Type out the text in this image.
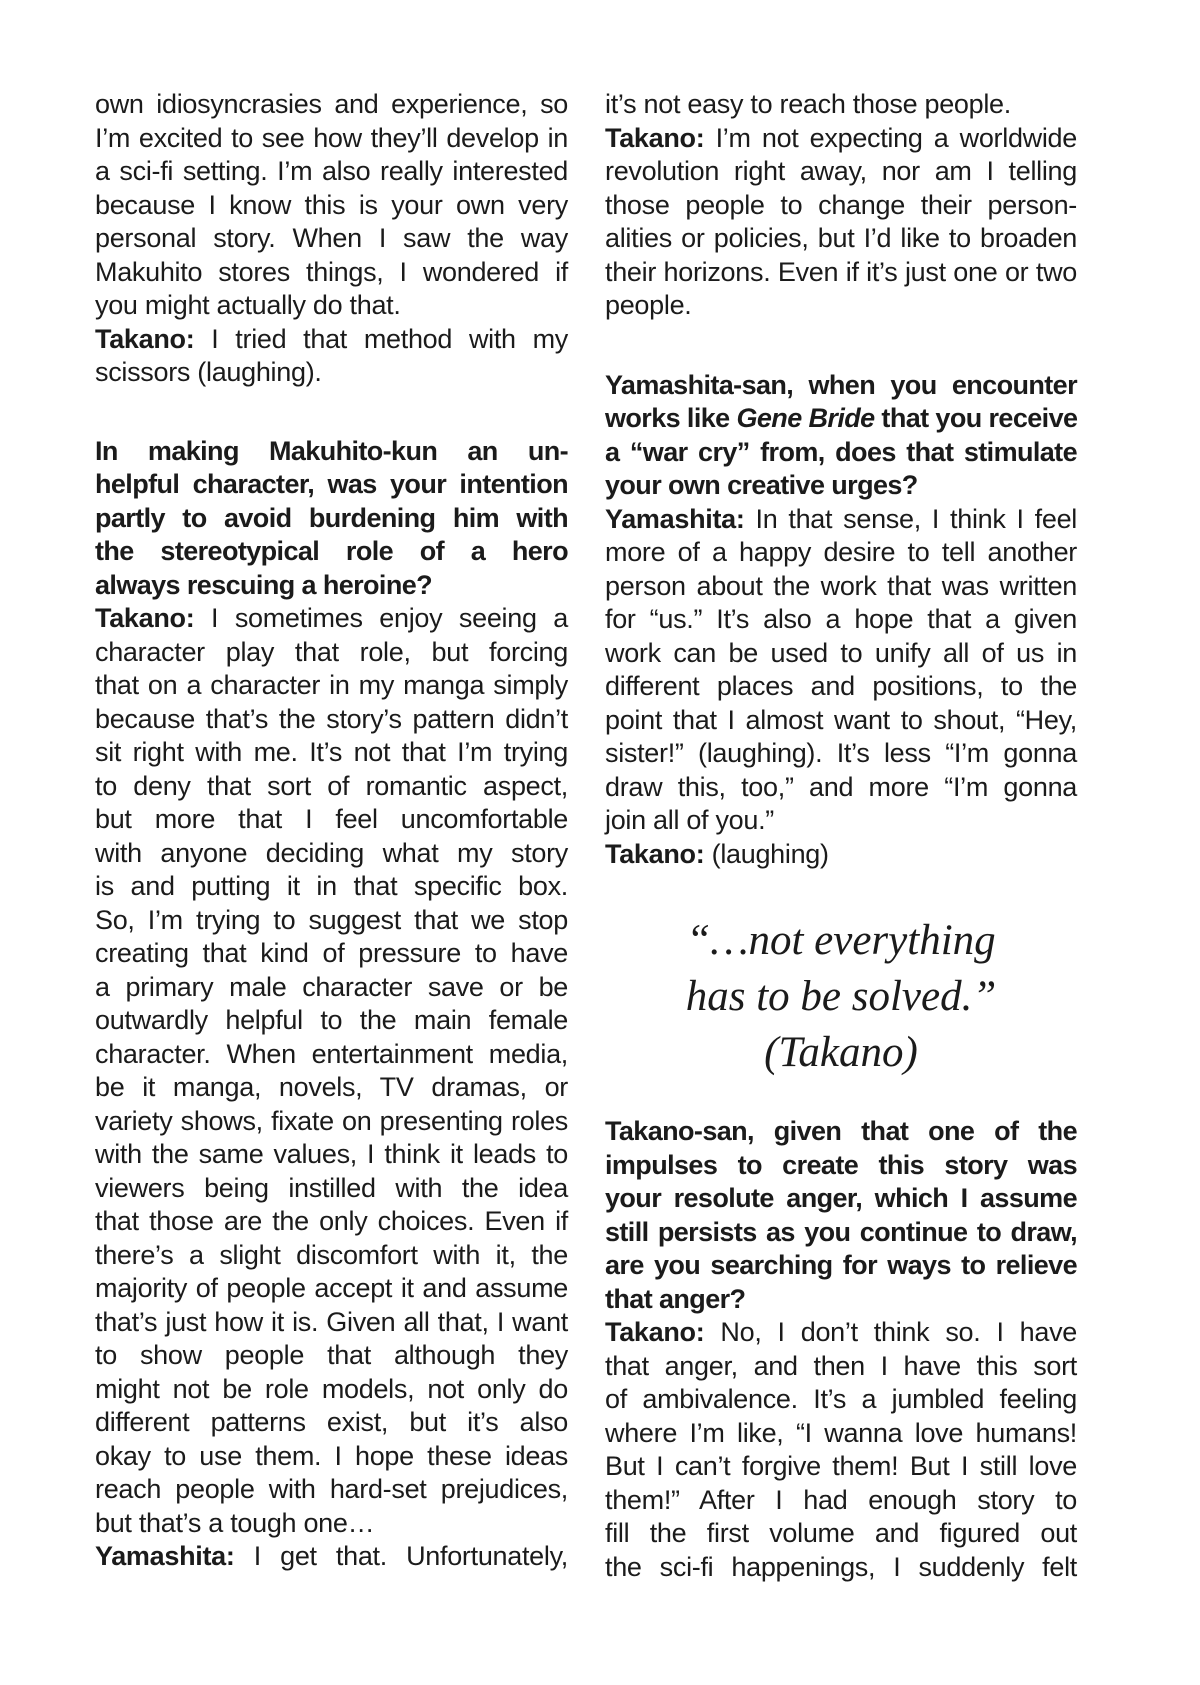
own idiosyncrasies and experience, so
I’m excited to see how they’ll develop in
a sci-fi setting. I’m also really interested
because I know this is your own very
personal story. When I saw the way
Makuhito stores things, I wondered if
you might actually do that.
Takano: I tried that method with my
scissors (laughing).
In making Makuhito-kun an un-
helpful character, was your intention
partly to avoid burdening him with
the stereotypical role of a hero
always rescuing a heroine?
Takano: I sometimes enjoy seeing a
character play that role, but forcing
that on a character in my manga simply
because that’s the story’s pattern didn’t
sit right with me. It’s not that I’m trying
to deny that sort of romantic aspect,
but more that I feel uncomfortable
with anyone deciding what my story
is and putting it in that specific box.
So, I’m trying to suggest that we stop
creating that kind of pressure to have
a primary male character save or be
outwardly helpful to the main female
character. When entertainment media,
be it manga, novels, TV dramas, or
variety shows, fixate on presenting roles
with the same values, I think it leads to
viewers being instilled with the idea
that those are the only choices. Even if
there’s a slight discomfort with it, the
majority of people accept it and assume
that’s just how it is. Given all that, I want
to show people that although they
might not be role models, not only do
different patterns exist, but it’s also
okay to use them. I hope these ideas
reach people with hard-set prejudices,
but that’s a tough one…
Yamashita: I get that. Unfortunately,
it’s not easy to reach those people.
Takano: I’m not expecting a worldwide
revolution right away, nor am I telling
those people to change their person-
alities or policies, but I’d like to broaden
their horizons. Even if it’s just one or two
people.
Yamashita-san, when you encounter
works like Gene Bride that you receive
a “war cry” from, does that stimulate
your own creative urges?
Yamashita: In that sense, I think I feel
more of a happy desire to tell another
person about the work that was written
for “us.” It’s also a hope that a given
work can be used to unify all of us in
different places and positions, to the
point that I almost want to shout, “Hey,
sister!” (laughing). It’s less “I’m gonna
draw this, too,” and more “I’m gonna
join all of you.”
Takano: (laughing)
“…not everything
has to be solved.”
(Takano)
Takano-san, given that one of the
impulses to create this story was
your resolute anger, which I assume
still persists as you continue to draw,
are you searching for ways to relieve
that anger?
Takano: No, I don’t think so. I have
that anger, and then I have this sort
of ambivalence. It’s a jumbled feeling
where I’m like, “I wanna love humans!
But I can’t forgive them! But I still love
them!” After I had enough story to
fill the first volume and figured out
the sci-fi happenings, I suddenly felt
